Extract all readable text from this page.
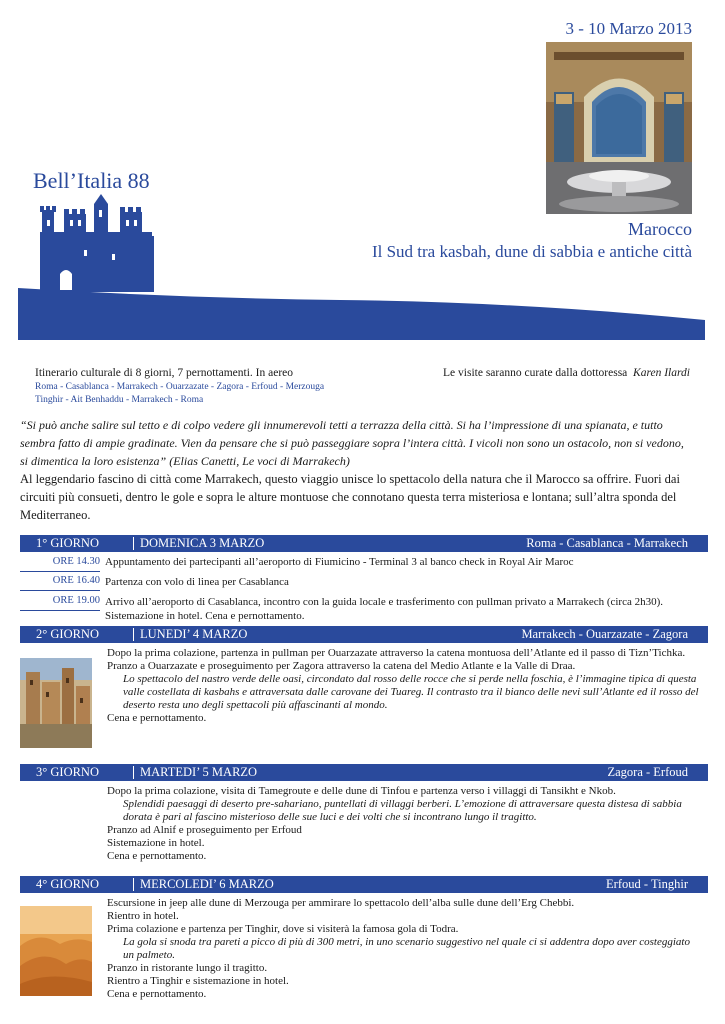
3 - 10 Marzo 2013
Bell’Italia 88
Marocco
Il Sud tra kasbah, dune di sabbia e antiche città
PROGRAMMA DI VIAGGIO	PRENOTAZIONI ENTRO IL 19 DICEMBRE
Itinerario culturale di 8 giorni, 7 pernottamenti. In aereo
Roma - Casablanca - Marrakech - Ouarzazate - Zagora - Erfoud - Merzouga
Tinghir - Ait Benhaddu - Marrakech - Roma
Le visite saranno curate dalla dottoressa Karen Ilardi
“Si può anche salire sul tetto e di colpo vedere gli innumerevoli tetti a terrazza della città. Si ha l’impressione di una spianata, e tutto sembra fatto di ampie gradinate. Vien da pensare che si può passeggiare sopra l’intera città. I vicoli non sono un ostacolo, non si vedono, si dimentica la loro esistenza” (Elias Canetti, Le voci di Marrakech)
Al leggendario fascino di città come Marrakech, questo viaggio unisce lo spettacolo della natura che il Marocco sa offrire. Fuori dai circuiti più consueti, dentro le gole e sopra le alture montuose che connotano questa terra misteriosa e lontana; sull’altra sponda del Mediterraneo.
1° GIORNO	DOMENICA 3 MARZO	Roma - Casablanca - Marrakech
ORE 14.30 Appuntamento dei partecipanti all’aeroporto di Fiumicino - Terminal 3 al banco check in Royal Air Maroc
ORE 16.40 Partenza con volo di linea per Casablanca
ORE 19.00 Arrivo all’aeroporto di Casablanca, incontro con la guida locale e trasferimento con pullman privato a Marrakech (circa 2h30). Sistemazione in hotel. Cena e pernottamento.
2° GIORNO	LUNEDI’ 4 MARZO	Marrakech - Ouarzazate - Zagora

Dopo la prima colazione, partenza in pullman per Ouarzazate attraverso la catena montuosa dell’Atlante ed il passo di Tizn’Tichka.

Pranzo a Ouarzazate e proseguimento per Zagora attraverso la catena del Medio Atlante e la Valle di Draa.

Lo spettacolo del nastro verde delle oasi, circondato dal rosso delle rocce che si perde nella foschia, è l’immagine tipica di questa valle costellata di kasbahs e attraversata dalle carovane dei Tuareg. Il contrasto tra il bianco delle nevi sull’Atlante ed il rosso del deserto resta uno degli spettacoli più affascinanti al mondo.

Cena e pernottamento.

3° GIORNO	MARTEDI’ 5 MARZO	Zagora - Erfoud

Dopo la prima colazione, visita di Tamegroute e delle dune di Tinfou e partenza verso i villaggi di Tansikht e Nkob.

Splendidi paesaggi di deserto pre-sahariano, puntellati di villaggi berberi. L’emozione di attraversare questa distesa di sabbia dorata è pari al fascino misterioso delle sue luci e dei volti che si incontrano lungo il tragitto.

Pranzo ad Alnif e proseguimento per Erfoud

Sistemazione in hotel.

Cena e pernottamento.

4° GIORNO	MERCOLEDI’ 6 MARZO	Erfoud - Tinghir

Escursione in jeep alle dune di Merzouga per ammirare lo spettacolo dell’alba sulle dune dell’Erg Chebbi.

Rientro in hotel.

Prima colazione e partenza per Tinghir, dove si visiterà la famosa gola di Todra.

La gola si snoda tra pareti a picco di più di 300 metri, in uno scenario suggestivo nel quale ci si addentra dopo aver costeggiato un palmeto.

Pranzo in ristorante lungo il tragitto.

Rientro a Tinghir e sistemazione in hotel.

Cena e pernottamento.
